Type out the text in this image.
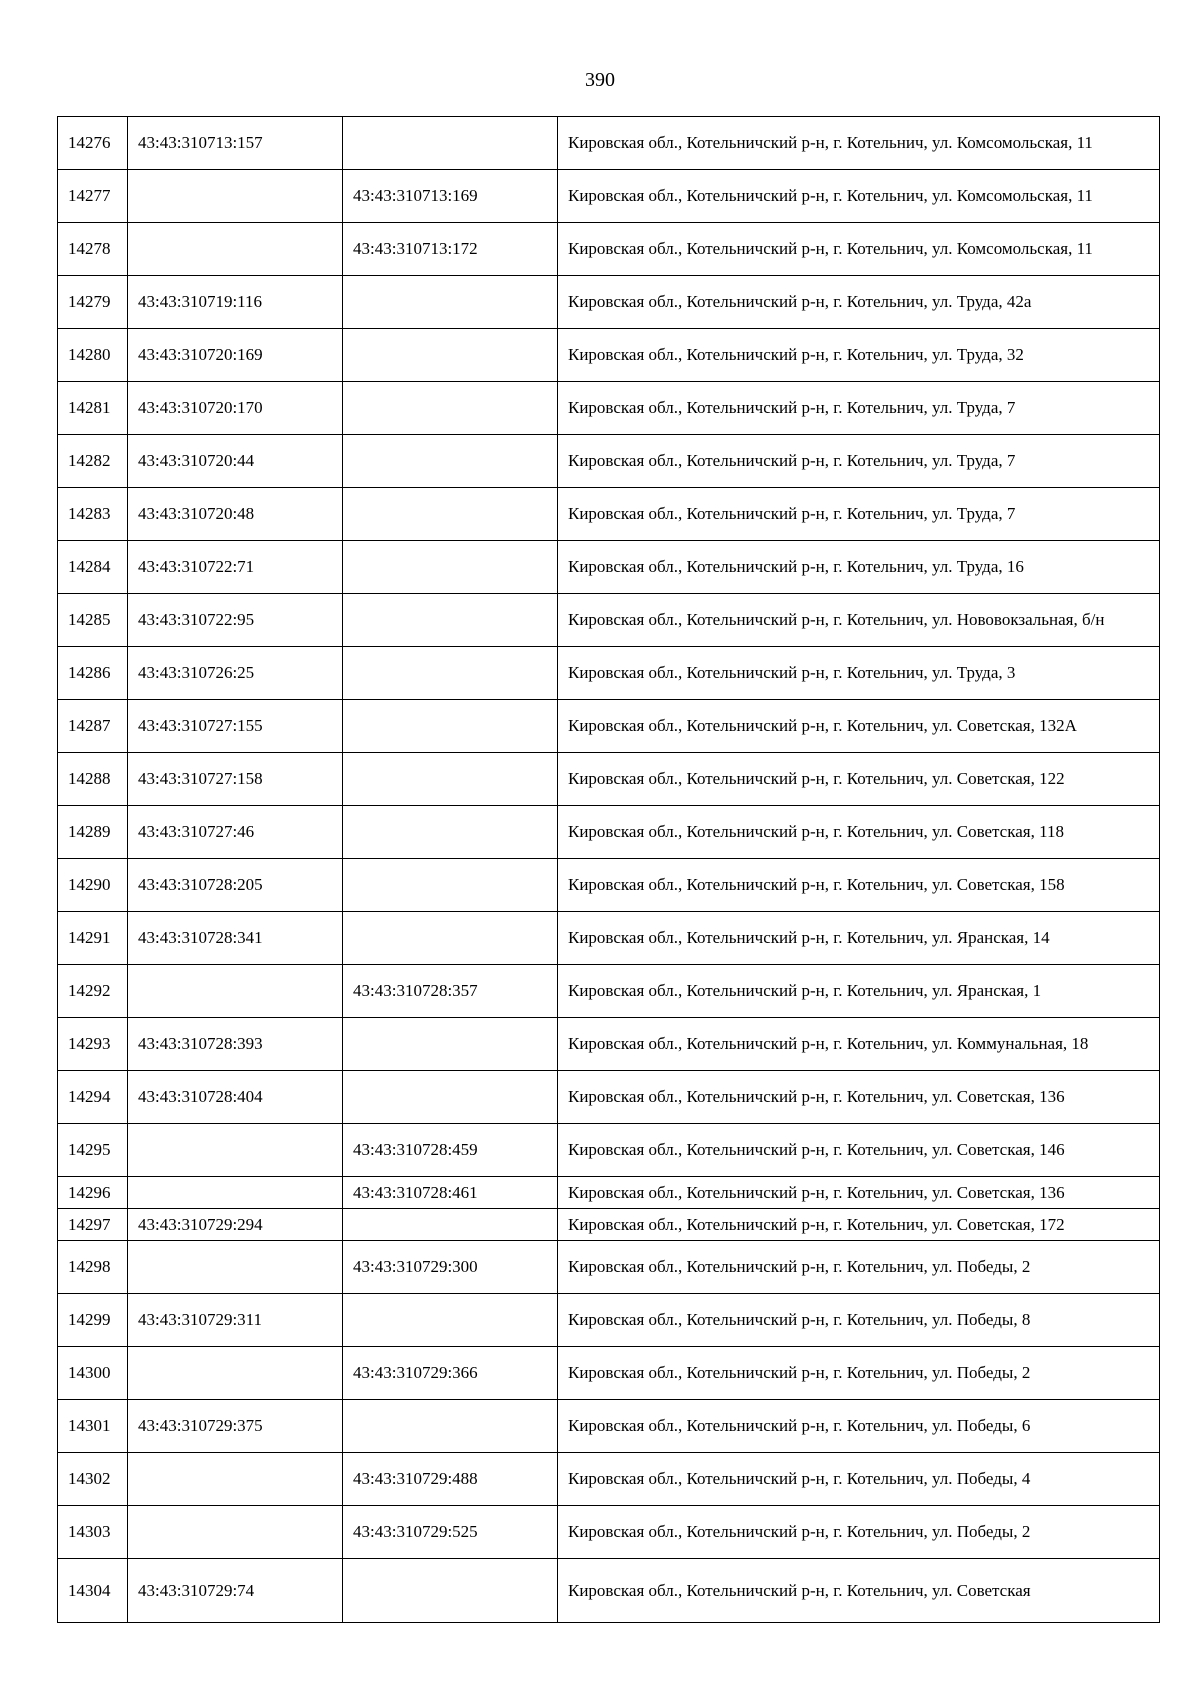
390
14276	43:43:310713:157		Кировская обл., Котельничский р-н, г. Котельнич, ул. Комсомольская, 11
14277		43:43:310713:169	Кировская обл., Котельничский р-н, г. Котельнич, ул. Комсомольская, 11
14278		43:43:310713:172	Кировская обл., Котельничский р-н, г. Котельнич, ул. Комсомольская, 11
14279	43:43:310719:116		Кировская обл., Котельничский р-н, г. Котельнич, ул. Труда, 42а
14280	43:43:310720:169		Кировская обл., Котельничский р-н, г. Котельнич, ул. Труда, 32
14281	43:43:310720:170		Кировская обл., Котельничский р-н, г. Котельнич, ул. Труда, 7
14282	43:43:310720:44		Кировская обл., Котельничский р-н, г. Котельнич, ул. Труда, 7
14283	43:43:310720:48		Кировская обл., Котельничский р-н, г. Котельнич, ул. Труда, 7
14284	43:43:310722:71		Кировская обл., Котельничский р-н, г. Котельнич, ул. Труда, 16
14285	43:43:310722:95		Кировская обл., Котельничский р-н, г. Котельнич, ул. Нововокзальная, б/н
14286	43:43:310726:25		Кировская обл., Котельничский р-н, г. Котельнич, ул. Труда, 3
14287	43:43:310727:155		Кировская обл., Котельничский р-н, г. Котельнич, ул. Советская, 132А
14288	43:43:310727:158		Кировская обл., Котельничский р-н, г. Котельнич, ул. Советская, 122
14289	43:43:310727:46		Кировская обл., Котельничский р-н, г. Котельнич, ул. Советская, 118
14290	43:43:310728:205		Кировская обл., Котельничский р-н, г. Котельнич, ул. Советская, 158
14291	43:43:310728:341		Кировская обл., Котельничский р-н, г. Котельнич, ул. Яранская, 14
14292		43:43:310728:357	Кировская обл., Котельничский р-н, г. Котельнич, ул. Яранская, 1
14293	43:43:310728:393		Кировская обл., Котельничский р-н, г. Котельнич, ул. Коммунальная, 18
14294	43:43:310728:404		Кировская обл., Котельничский р-н, г. Котельнич, ул. Советская, 136
14295		43:43:310728:459	Кировская обл., Котельничский р-н, г. Котельнич, ул. Советская, 146
14296		43:43:310728:461	Кировская обл., Котельничский р-н, г. Котельнич, ул. Советская, 136
14297	43:43:310729:294		Кировская обл., Котельничский р-н, г. Котельнич, ул. Советская, 172
14298		43:43:310729:300	Кировская обл., Котельничский р-н, г. Котельнич, ул. Победы, 2
14299	43:43:310729:311		Кировская обл., Котельничский р-н, г. Котельнич, ул. Победы, 8
14300		43:43:310729:366	Кировская обл., Котельничский р-н, г. Котельнич, ул. Победы, 2
14301	43:43:310729:375		Кировская обл., Котельничский р-н, г. Котельнич, ул. Победы, 6
14302		43:43:310729:488	Кировская обл., Котельничский р-н, г. Котельнич, ул. Победы, 4
14303		43:43:310729:525	Кировская обл., Котельничский р-н, г. Котельнич, ул. Победы, 2
14304	43:43:310729:74		Кировская обл., Котельничский р-н, г. Котельнич, ул. Советская
